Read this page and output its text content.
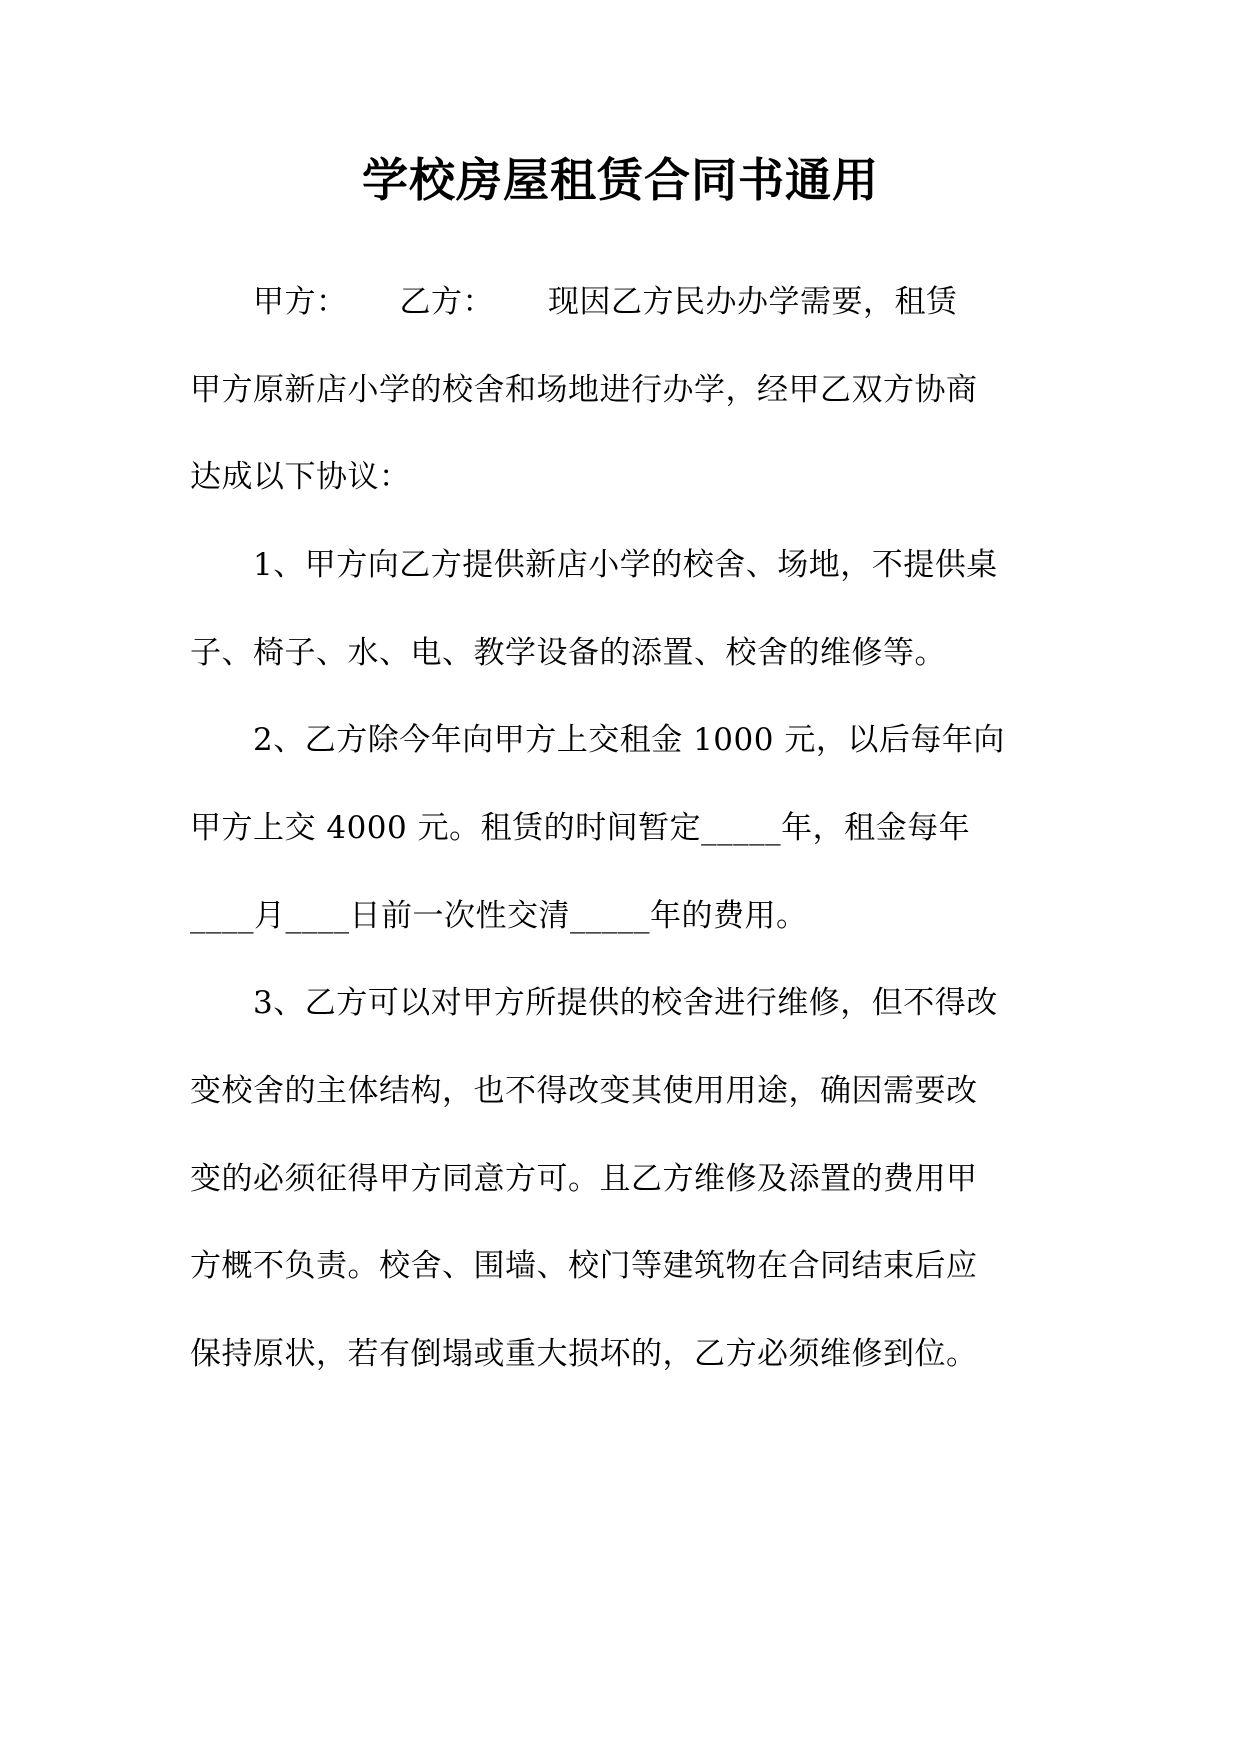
学校房屋租赁合同书通用
甲方： 乙方： 现因乙方民办办学需要，租赁
甲方原新店小学的校舍和场地进行办学，经甲乙双方协商
达成以下协议：
1、甲方向乙方提供新店小学的校舍、场地，不提供桌
子、椅子、水、电、教学设备的添置、校舍的维修等。
2、乙方除今年向甲方上交租金 1000 元，以后每年向
甲方上交 4000 元。租赁的时间暂定_____年，租金每年
____月____日前一次性交清_____年的费用。
3、乙方可以对甲方所提供的校舍进行维修，但不得改
变校舍的主体结构，也不得改变其使用用途，确因需要改
变的必须征得甲方同意方可。且乙方维修及添置的费用甲
方概不负责。校舍、围墙、校门等建筑物在合同结束后应
保持原状，若有倒塌或重大损坏的，乙方必须维修到位。
